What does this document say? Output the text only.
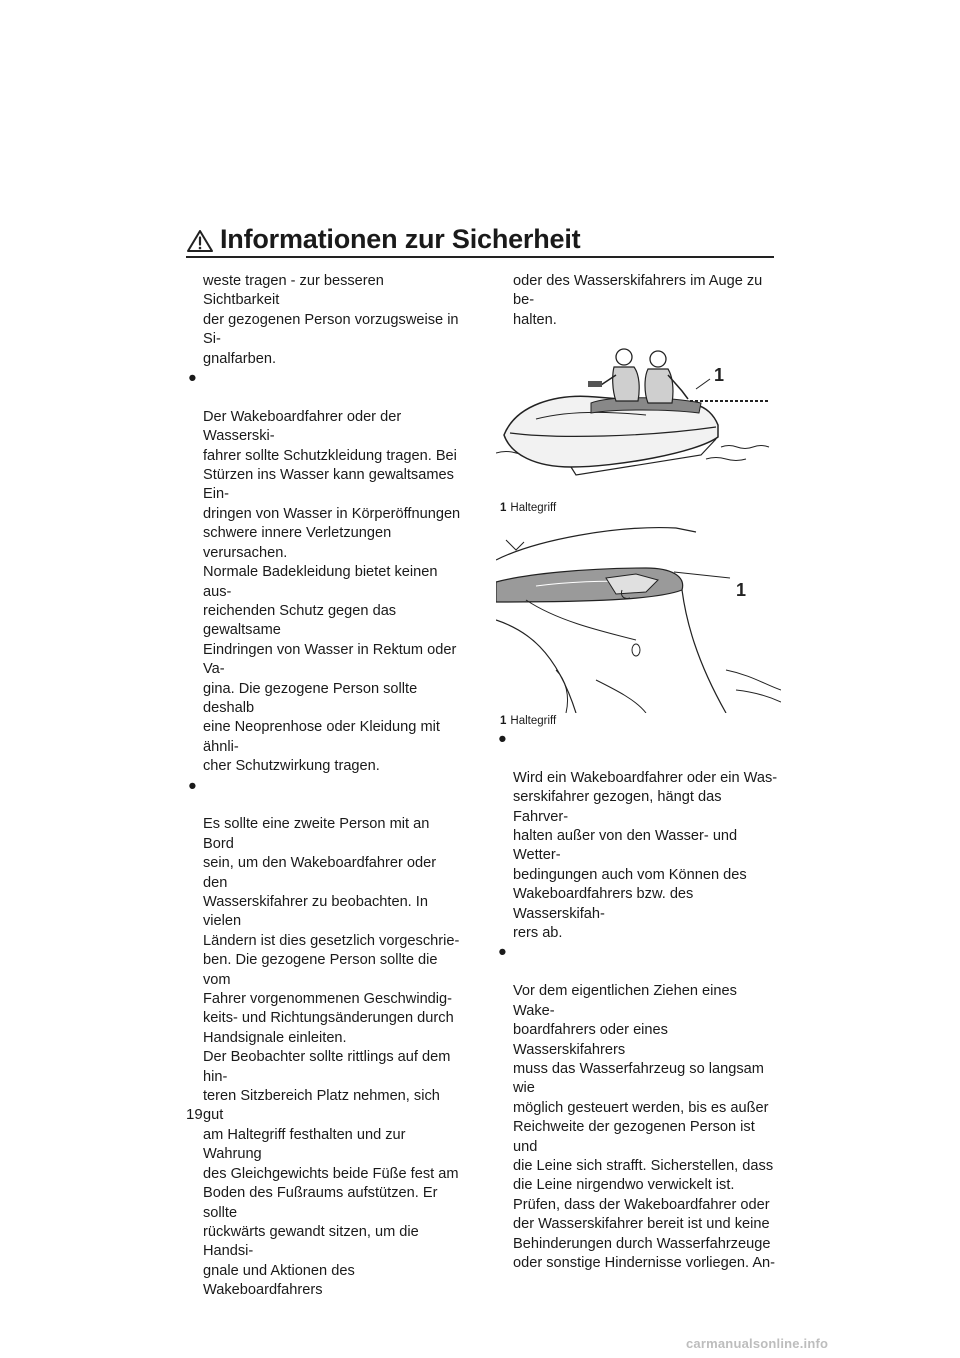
Informationen zur Sicherheit

weste tragen - zur besseren Sichtbarkeit
der gezogenen Person vorzugsweise in Si-
gnalfarben.

●

Der Wakeboardfahrer oder der Wasserski-
fahrer sollte Schutzkleidung tragen. Bei
Stürzen ins Wasser kann gewaltsames Ein-
dringen von Wasser in Körperöffnungen
schwere innere Verletzungen verursachen.
Normale Badekleidung bietet keinen aus-
reichenden Schutz gegen das gewaltsame
Eindringen von Wasser in Rektum oder Va-
gina. Die gezogene Person sollte deshalb
eine Neoprenhose oder Kleidung mit ähnli-
cher Schutzwirkung tragen.

●

Es sollte eine zweite Person mit an Bord
sein, um den Wakeboardfahrer oder den
Wasserskifahrer zu beobachten. In vielen
Ländern ist dies gesetzlich vorgeschrie-
ben. Die gezogene Person sollte die vom
Fahrer vorgenommenen Geschwindig-
keits- und Richtungsänderungen durch
Handsignale einleiten.
Der Beobachter sollte rittlings auf dem hin-
teren Sitzbereich Platz nehmen, sich gut
am Haltegriff festhalten und zur Wahrung
des Gleichgewichts beide Füße fest am
Boden des Fußraums aufstützen. Er sollte
rückwärts gewandt sitzen, um die Handsi-
gnale und Aktionen des Wakeboardfahrers

oder des Wasserskifahrers im Auge zu be-
halten.

1
1 Haltegriff
1
1 Haltegriff

●

Wird ein Wakeboardfahrer oder ein Was-
serskifahrer gezogen, hängt das Fahrver-
halten außer von den Wasser- und Wetter-
bedingungen auch vom Können des
Wakeboardfahrers bzw. des Wasserskifah-
rers ab.

●

Vor dem eigentlichen Ziehen eines Wake-
boardfahrers oder eines Wasserskifahrers
muss das Wasserfahrzeug so langsam wie
möglich gesteuert werden, bis es außer
Reichweite der gezogenen Person ist und
die Leine sich strafft. Sicherstellen, dass
die Leine nirgendwo verwickelt ist.
Prüfen, dass der Wakeboardfahrer oder
der Wasserskifahrer bereit ist und keine
Behinderungen durch Wasserfahrzeuge
oder sonstige Hindernisse vorliegen. An-

19
carmanualsonline.info
